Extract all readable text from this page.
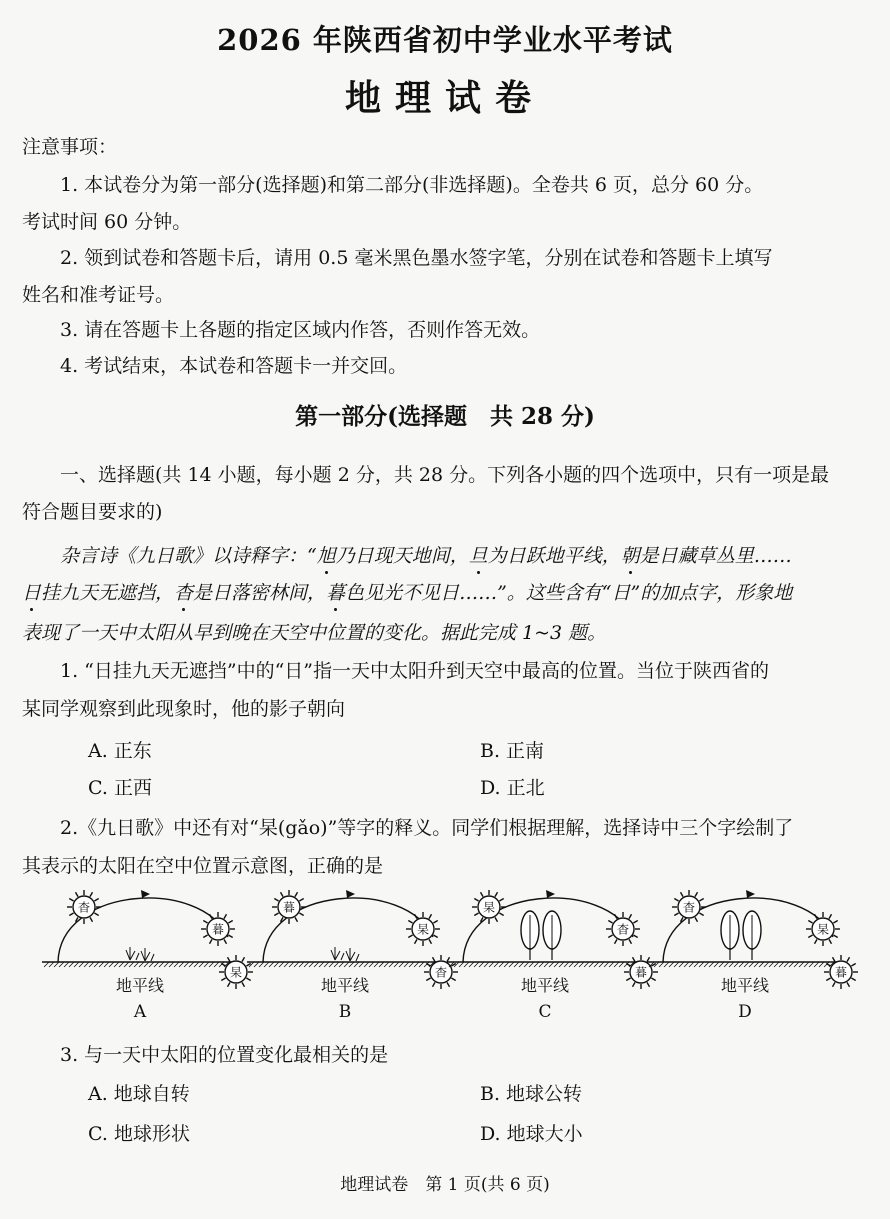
2026 年陕西省初中学业水平考试
地理试卷
注意事项：
1. 本试卷分为第一部分(选择题)和第二部分(非选择题)。全卷共 6 页，总分 60 分。
考试时间 60 分钟。
2. 领到试卷和答题卡后，请用 0.5 毫米黑色墨水签字笔，分别在试卷和答题卡上填写
姓名和准考证号。
3. 请在答题卡上各题的指定区域内作答，否则作答无效。
4. 考试结束，本试卷和答题卡一并交回。
第一部分(选择题　共 28 分)
一、选择题(共 14 小题，每小题 2 分，共 28 分。下列各小题的四个选项中，只有一项是最
符合题目要求的)
杂言诗《九日歌》以诗释字：“旭乃日现天地间，旦为日跃地平线，朝是日藏草丛里……
日挂九天无遮挡，杳是日落密林间，暮色见光不见日……”。这些含有“日”的加点字，形象地
表现了一天中太阳从早到晚在天空中位置的变化。据此完成 1~3 题。
1. “日挂九天无遮挡”中的“日”指一天中太阳升到天空中最高的位置。当位于陕西省的
某同学观察到此现象时，他的影子朝向
A. 正东	B. 正南
C. 正西	D. 正北
2.《九日歌》中还有对“杲(gǎo)”等字的释义。同学们根据理解，选择诗中三个字绘制了
其表示的太阳在空中位置示意图，正确的是
杳
暮
杲
地平线
A
暮
杲
杳
地平线
B
杲
杳
暮
地平线
C
杳
杲
暮
地平线
D
3. 与一天中太阳的位置变化最相关的是
A. 地球自转	B. 地球公转
C. 地球形状	D. 地球大小
地理试卷　第 1 页(共 6 页)
